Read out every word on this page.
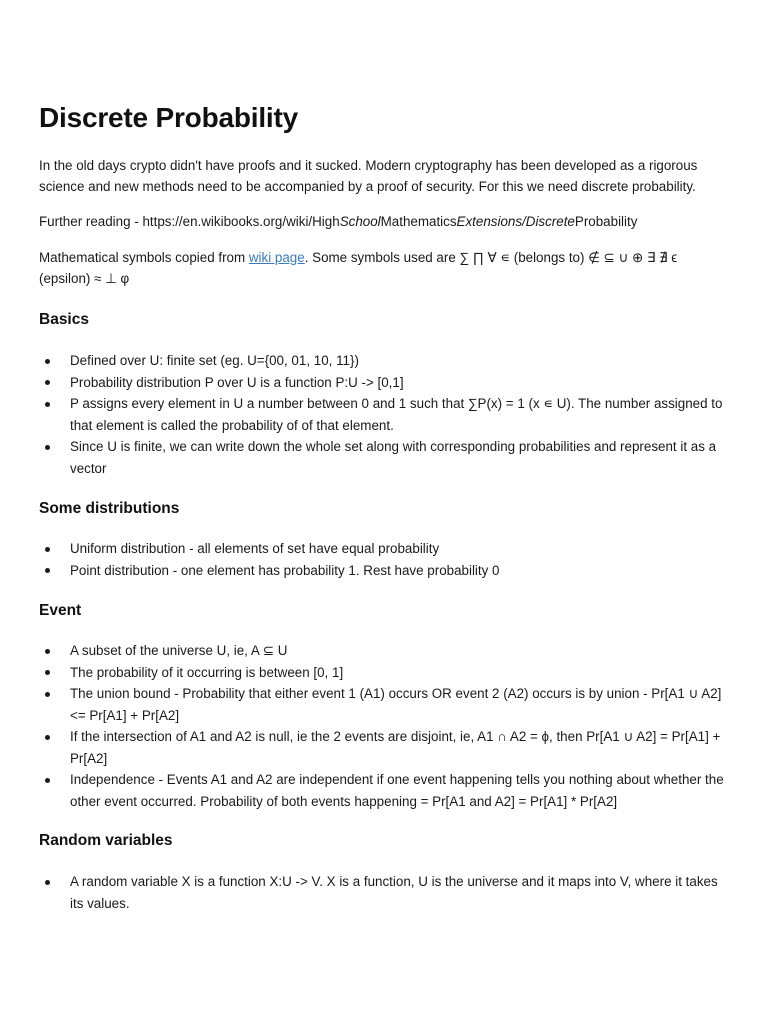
Discrete Probability

In the old days crypto didn't have proofs and it sucked. Modern cryptography has been developed as a rigorous science and new methods need to be accompanied by a proof of security. For this we need discrete probability.

Further reading - https://en.wikibooks.org/wiki/HighSchoolMathematicsExtensions/DiscreteProbability

Mathematical symbols copied from wiki page. Some symbols used are ∑ ∏ ∀ ∊ (belongs to) ∉ ⊆ ∪ ⊕ ∃ ∄ ϵ (epsilon) ≈ ⊥ φ

Basics
Defined over U: finite set (eg. U={00, 01, 10, 11})
Probability distribution P over U is a function P:U -> [0,1]
P assigns every element in U a number between 0 and 1 such that ∑P(x) = 1 (x ∊ U). The number assigned to that element is called the probability of of that element.
Since U is finite, we can write down the whole set along with corresponding probabilities and represent it as a vector
Some distributions
Uniform distribution - all elements of set have equal probability
Point distribution - one element has probability 1. Rest have probability 0
Event
A subset of the universe U, ie, A ⊆ U
The probability of it occurring is between [0, 1]
The union bound - Probability that either event 1 (A1) occurs OR event 2 (A2) occurs is by union - Pr[A1 ∪ A2] <= Pr[A1] + Pr[A2]
If the intersection of A1 and A2 is null, ie the 2 events are disjoint, ie, A1 ∩ A2 = ϕ, then Pr[A1 ∪ A2] = Pr[A1] + Pr[A2]
Independence - Events A1 and A2 are independent if one event happening tells you nothing about whether the other event occurred. Probability of both events happening = Pr[A1 and A2] = Pr[A1] * Pr[A2]
Random variables
A random variable X is a function X:U -> V. X is a function, U is the universe and it maps into V, where it takes its values.
